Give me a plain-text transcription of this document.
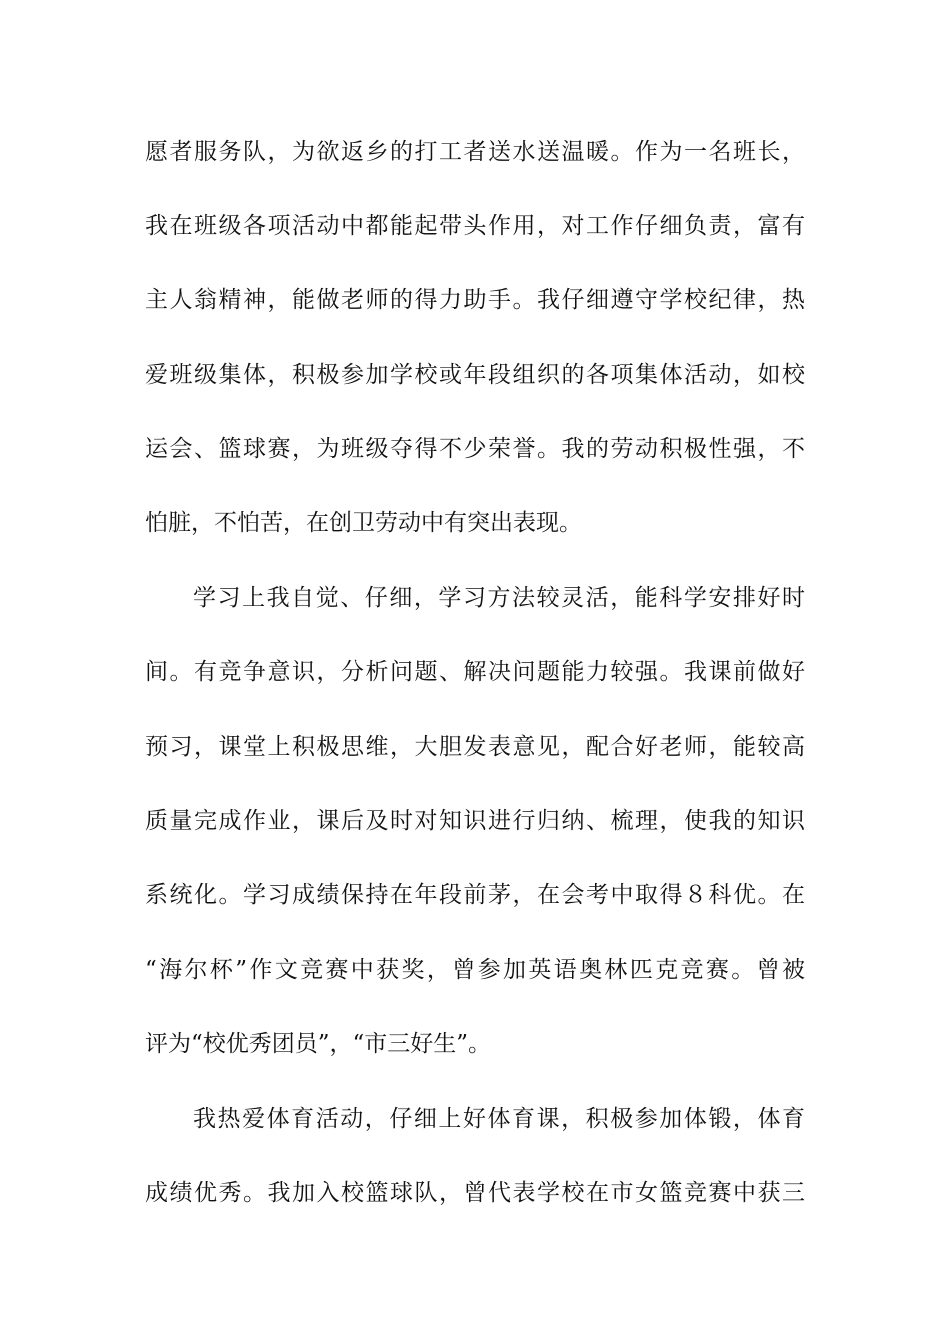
愿者服务队，为欲返乡的打工者送水送温暖。作为一名班长，
我在班级各项活动中都能起带头作用，对工作仔细负责，富有
主人翁精神，能做老师的得力助手。我仔细遵守学校纪律，热
爱班级集体，积极参加学校或年段组织的各项集体活动，如校
运会、篮球赛，为班级夺得不少荣誉。我的劳动积极性强，不
怕脏，不怕苦，在创卫劳动中有突出表现。
学习上我自觉、仔细，学习方法较灵活，能科学安排好时
间。有竞争意识，分析问题、解决问题能力较强。我课前做好
预习，课堂上积极思维，大胆发表意见，配合好老师，能较高
质量完成作业，课后及时对知识进行归纳、梳理，使我的知识
系统化。学习成绩保持在年段前茅，在会考中取得８科优。在
“海尔杯”作文竞赛中获奖，曾参加英语奥林匹克竞赛。曾被
评为“校优秀团员”，“市三好生”。
我热爱体育活动，仔细上好体育课，积极参加体锻，体育
成绩优秀。我加入校篮球队，曾代表学校在市女篮竞赛中获三
